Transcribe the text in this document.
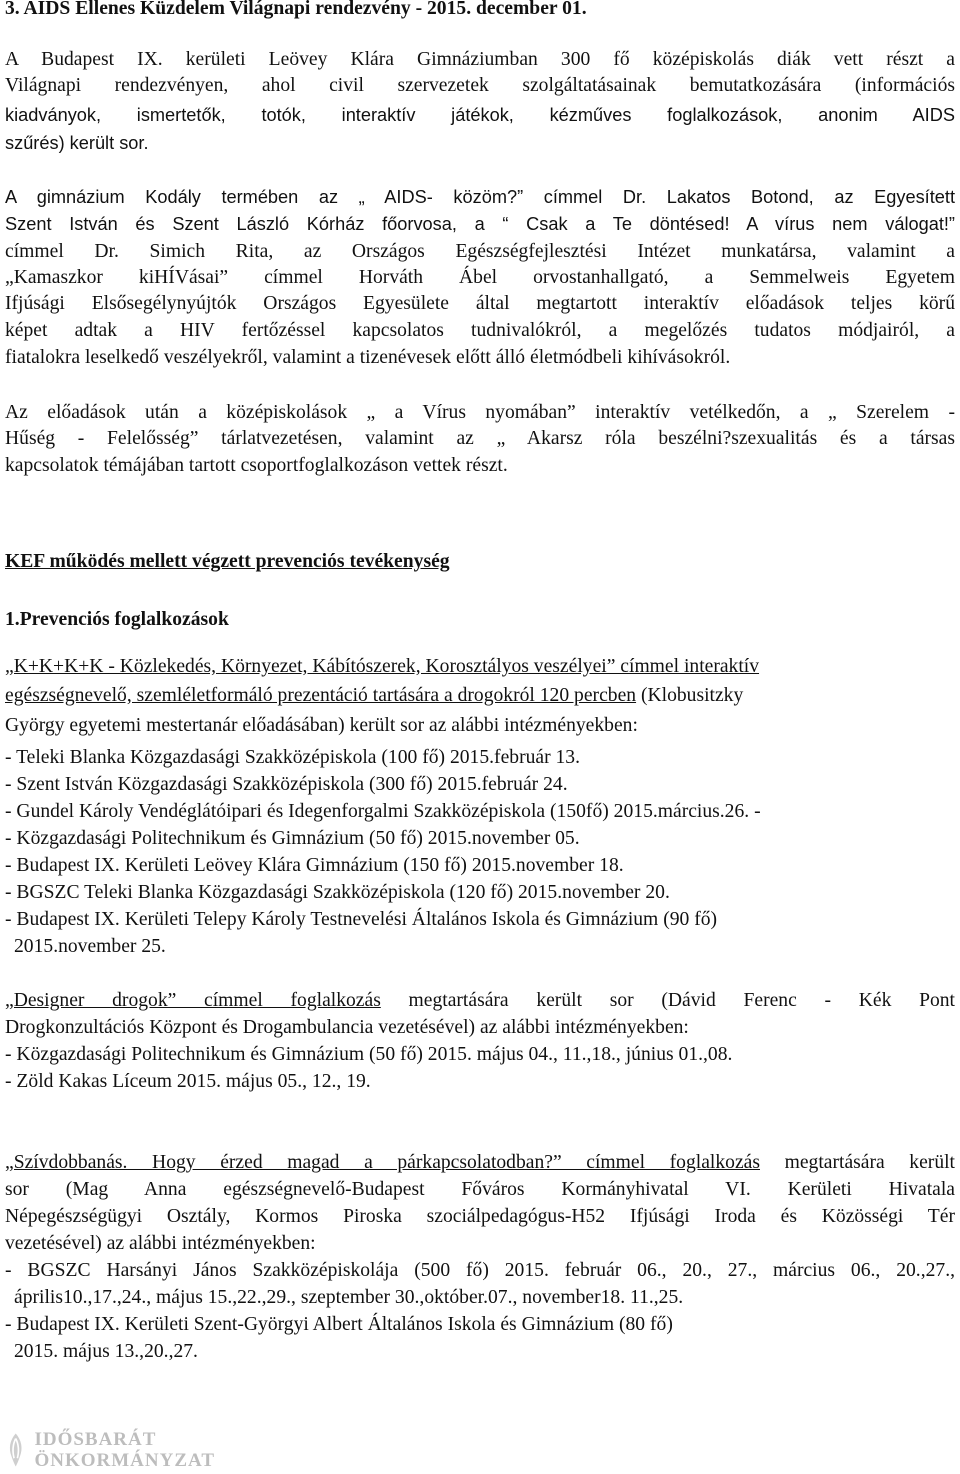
3. AIDS Ellenes Küzdelem Világnapi rendezvény - 2015. december 01.
A Budapest IX. kerületi Leövey Klára Gimnáziumban 300 fő középiskolás diák vett részt a
Világnapi rendezvényen, ahol civil szervezetek szolgáltatásainak bemutatkozására (információs
kiadványok, ismertetők, totók, interaktív játékok, kézműves foglalkozások, anonim AIDS
szűrés) került sor.
A gimnázium Kodály termében az „ AIDS- közöm?” címmel Dr. Lakatos Botond, az Egyesített
Szent István és Szent László Kórház főorvosa, a “ Csak a Te döntésed! A vírus nem válogat!”
címmel Dr. Simich Rita, az Országos Egészségfejlesztési Intézet munkatársa, valamint a
„Kamaszkor kiHÍVásai” címmel Horváth Ábel orvostanhallgató, a Semmelweis Egyetem
Ifjúsági Elsősegélynyújtók Országos Egyesülete által megtartott interaktív előadások teljes körű
képet adtak a HIV fertőzéssel kapcsolatos tudnivalókról, a megelőzés tudatos módjairól, a
fiatalokra leselkedő veszélyekről, valamint a tizenévesek előtt álló életmódbeli kihívásokról.
Az előadások után a középiskolások „ a Vírus nyomában” interaktív vetélkedőn, a „ Szerelem -
Hűség - Felelősség” tárlatvezetésen, valamint az „ Akarsz róla beszélni?szexualitás és a társas
kapcsolatok témájában tartott csoportfoglalkozáson vettek részt.
KEF működés mellett végzett prevenciós tevékenység
1.Prevenciós foglalkozások
„K+K+K+K - Közlekedés, Környezet, Kábítószerek, Korosztályos veszélyei” címmel interaktív
egészségnevelő, szemléletformáló prezentáció tartására a drogokról 120 percben (Klobusitzky
György egyetemi mestertanár előadásában) került sor az alábbi intézményekben:
- Teleki Blanka Közgazdasági Szakközépiskola (100 fő) 2015.február 13.
- Szent István Közgazdasági Szakközépiskola (300 fő) 2015.február 24.
- Gundel Károly Vendéglátóipari és Idegenforgalmi Szakközépiskola (150fő) 2015.március.26. -
- Közgazdasági Politechnikum és Gimnázium (50 fő) 2015.november 05.
- Budapest IX. Kerületi Leövey Klára Gimnázium (150 fő) 2015.november 18.
- BGSZC Teleki Blanka Közgazdasági Szakközépiskola (120 fő) 2015.november 20.
- Budapest IX. Kerületi Telepy Károly Testnevelési Általános Iskola és Gimnázium (90 fő)
2015.november 25.
„Designer drogok” címmel foglalkozás megtartására került sor (Dávid Ferenc - Kék Pont
Drogkonzultációs Központ és Drogambulancia vezetésével) az alábbi intézményekben:
- Közgazdasági Politechnikum és Gimnázium (50 fő) 2015. május 04., 11.,18., június 01.,08.
- Zöld Kakas Líceum 2015. május 05., 12., 19.
„Szívdobbanás. Hogy érzed magad a párkapcsolatodban?” címmel foglalkozás megtartására került
sor (Mag Anna egészségnevelő-Budapest Főváros Kormányhivatal VI. Kerületi Hivatala
Népegészségügyi Osztály, Kormos Piroska szociálpedagógus-H52 Ifjúsági Iroda és Közösségi Tér
vezetésével) az alábbi intézményekben:
- BGSZC Harsányi János Szakközépiskolája (500 fő) 2015. február 06., 20., 27., március 06., 20.,27.,
április10.,17.,24., május 15.,22.,29., szeptember 30.,október.07., november18. 11.,25.
- Budapest IX. Kerületi Szent-Györgyi Albert Általános Iskola és Gimnázium (80 fő)
2015. május 13.,20.,27.
IDŐSBARÁT
ÖNKORMÁNYZAT
